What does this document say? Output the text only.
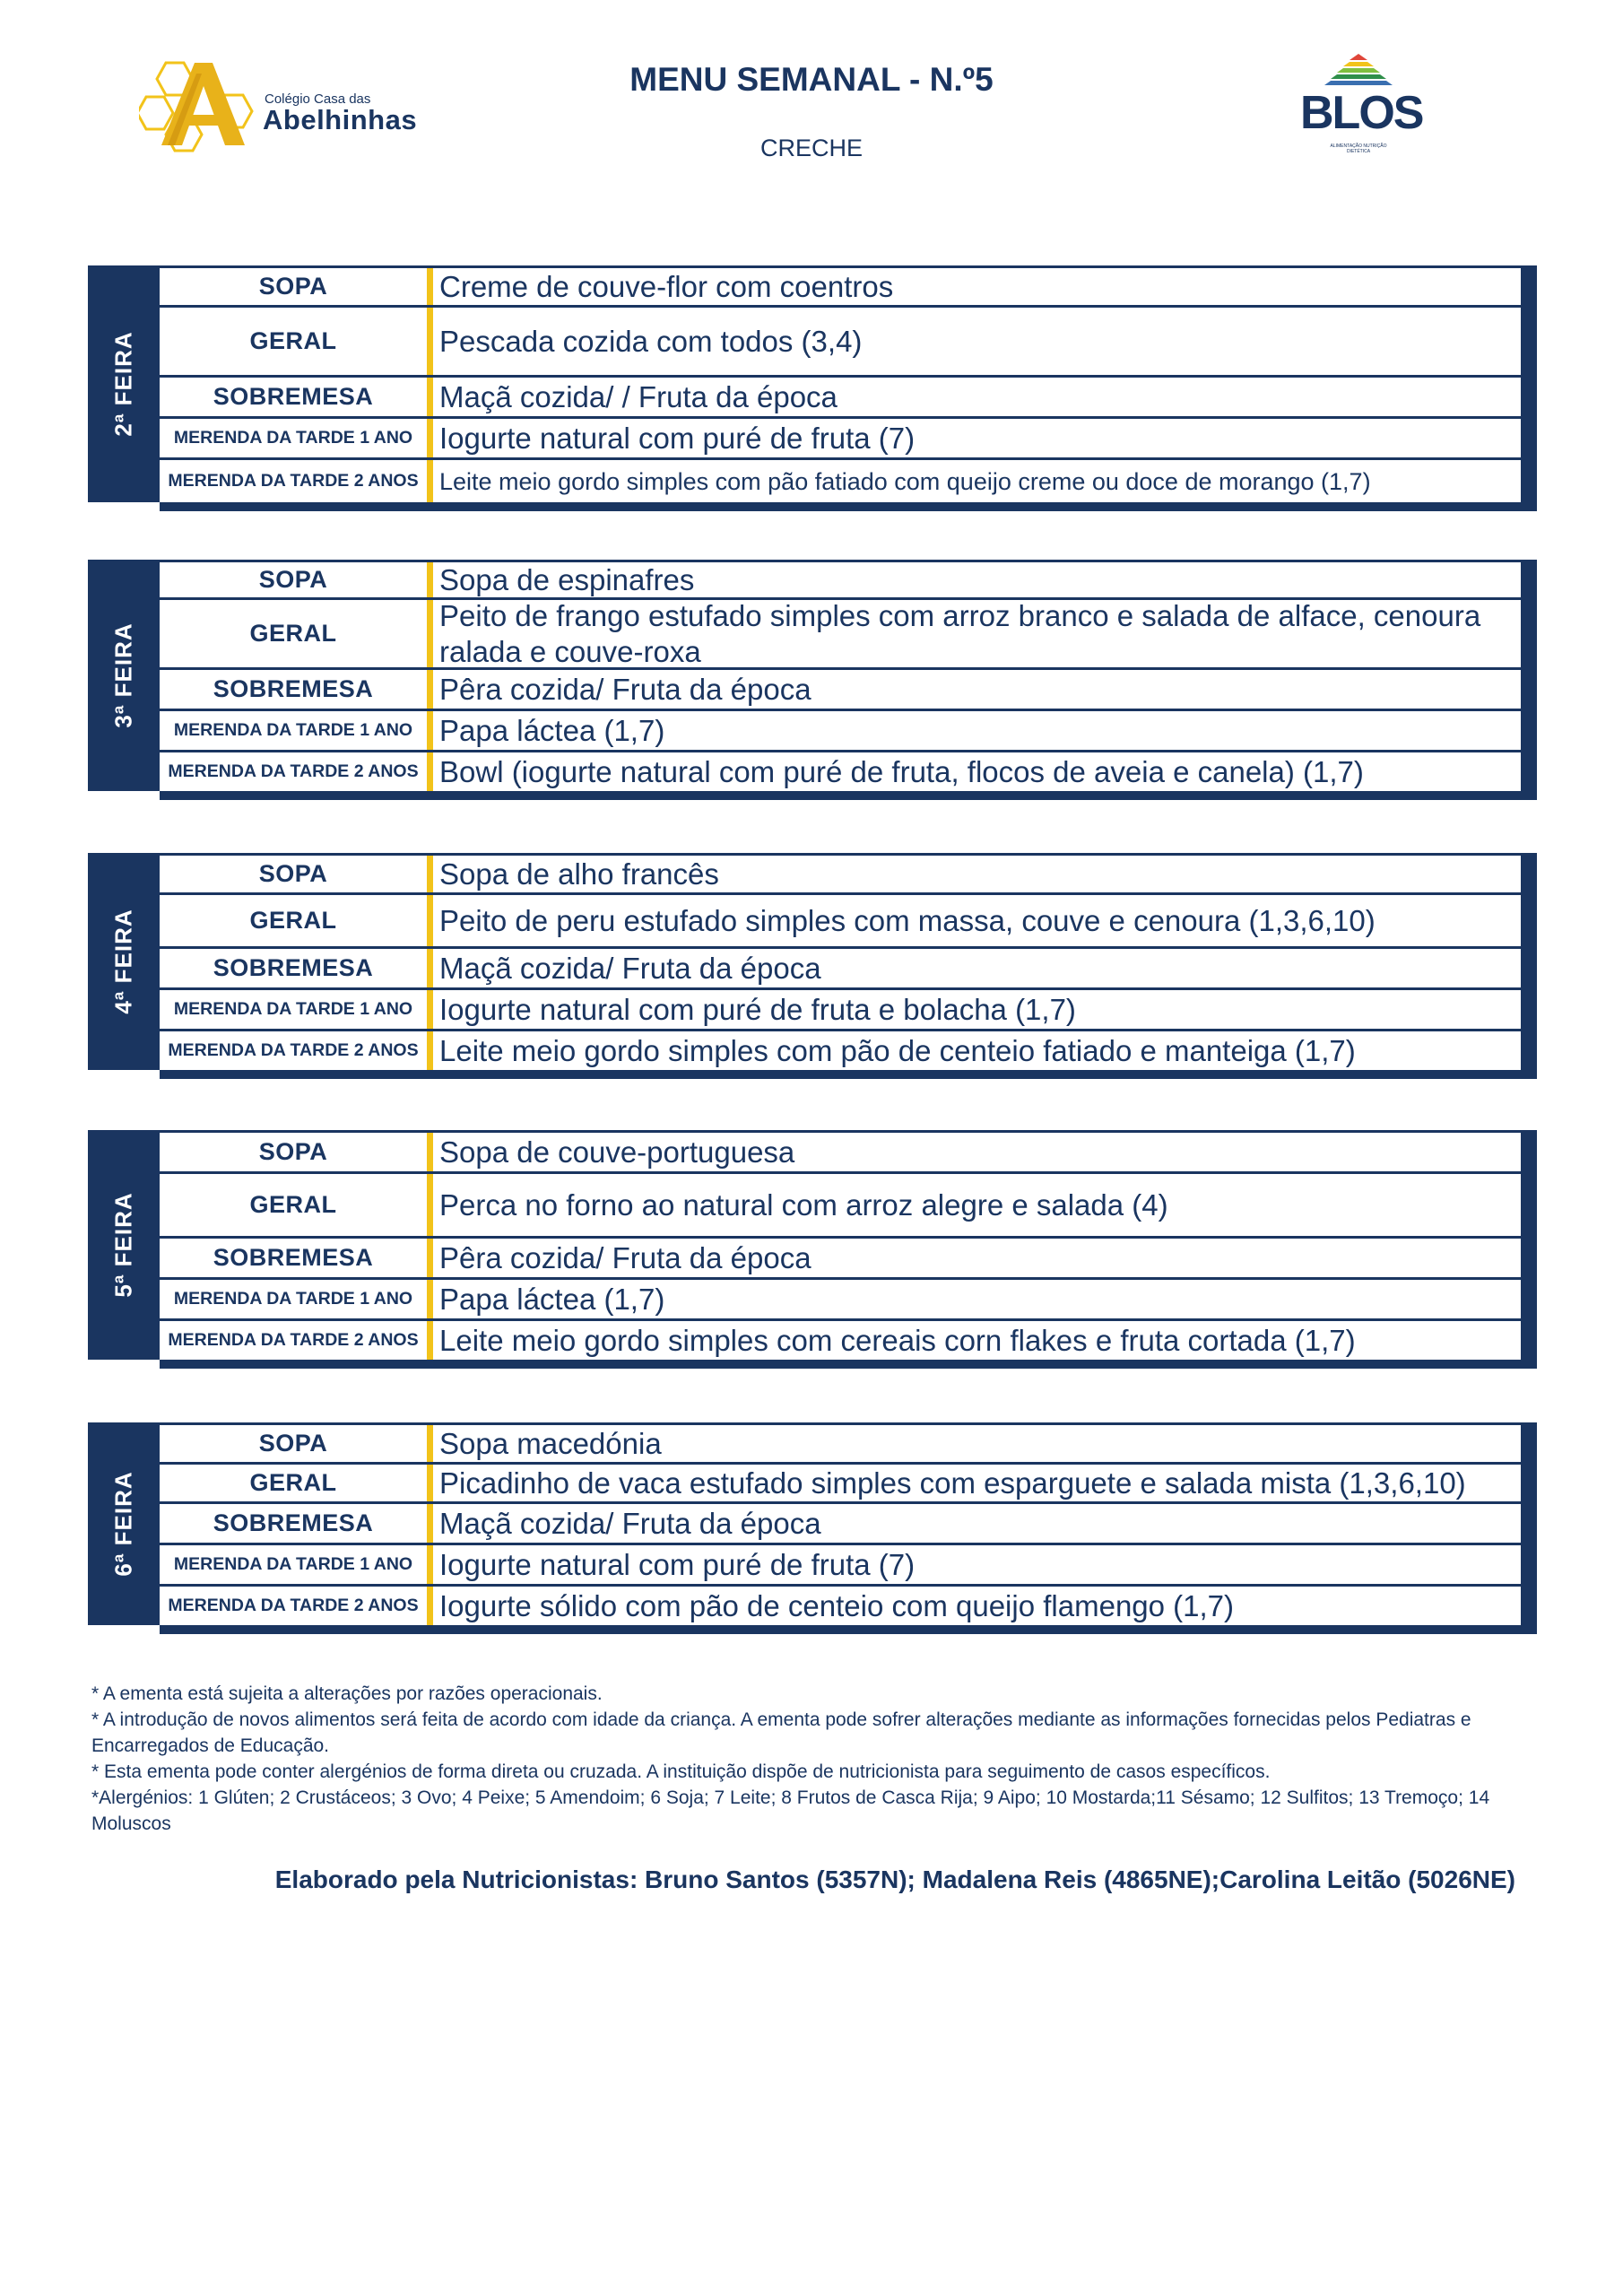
Colégio Casa das
Abelhinhas
MENU SEMANAL - N.º5
CRECHE
BLOS
ALIMENTAÇÃO NUTRIÇÃO DIETÉTICA
2ª FEIRA
SOPA	Creme de couve-flor com coentros
GERAL	Pescada cozida com todos (3,4)
SOBREMESA	Maçã cozida/ / Fruta da época
MERENDA DA TARDE 1 ANO Iogurte natural com puré de fruta (7)
MERENDA DA TARDE 2 ANOS Leite meio gordo simples com pão fatiado com queijo creme ou doce de morango (1,7)
3ª FEIRA
SOPA	Sopa de espinafres
GERAL
Peito de frango estufado simples com arroz branco e salada de alface, cenoura ralada e couve-roxa
SOBREMESA	Pêra cozida/ Fruta da época
MERENDA DA TARDE 1 ANO Papa láctea (1,7)
MERENDA DA TARDE 2 ANOS Bowl (iogurte natural com puré de fruta, flocos de aveia e canela) (1,7)
4ª FEIRA
SOPA	Sopa de alho francês
GERAL	Peito de peru estufado simples com massa, couve e cenoura (1,3,6,10)
SOBREMESA	Maçã cozida/ Fruta da época
MERENDA DA TARDE 1 ANO Iogurte natural com puré de fruta e bolacha (1,7)
MERENDA DA TARDE 2 ANOS Leite meio gordo simples com pão de centeio fatiado e manteiga (1,7)
5ª FEIRA
SOPA	Sopa de couve-portuguesa
GERAL	Perca no forno ao natural com arroz alegre e salada (4)
SOBREMESA	Pêra cozida/ Fruta da época
MERENDA DA TARDE 1 ANO Papa láctea (1,7)
MERENDA DA TARDE 2 ANOS Leite meio gordo simples com cereais corn flakes e fruta cortada (1,7)
6ª FEIRA
SOPA	Sopa macedónia
GERAL	Picadinho de vaca estufado simples com esparguete e salada mista (1,3,6,10)
SOBREMESA	Maçã cozida/ Fruta da época
MERENDA DA TARDE 1 ANO Iogurte natural com puré de fruta (7)
MERENDA DA TARDE 2 ANOS Iogurte sólido com pão de centeio com queijo flamengo (1,7)

* A ementa está sujeita a alterações por razões operacionais.

* A introdução de novos alimentos será feita de acordo com idade da criança. A ementa pode sofrer alterações mediante as informações fornecidas pelos Pediatras e Encarregados de Educação.

* Esta ementa pode conter alergénios de forma direta ou cruzada. A instituição dispõe de nutricionista para seguimento de casos específicos.

*Alergénios: 1 Glúten; 2 Crustáceos; 3 Ovo; 4 Peixe; 5 Amendoim; 6 Soja; 7 Leite; 8 Frutos de Casca Rija; 9 Aipo; 10 Mostarda;11 Sésamo; 12 Sulfitos; 13 Tremoço; 14 Moluscos

Elaborado pela Nutricionistas: Bruno Santos (5357N); Madalena Reis (4865NE);Carolina Leitão (5026NE)
